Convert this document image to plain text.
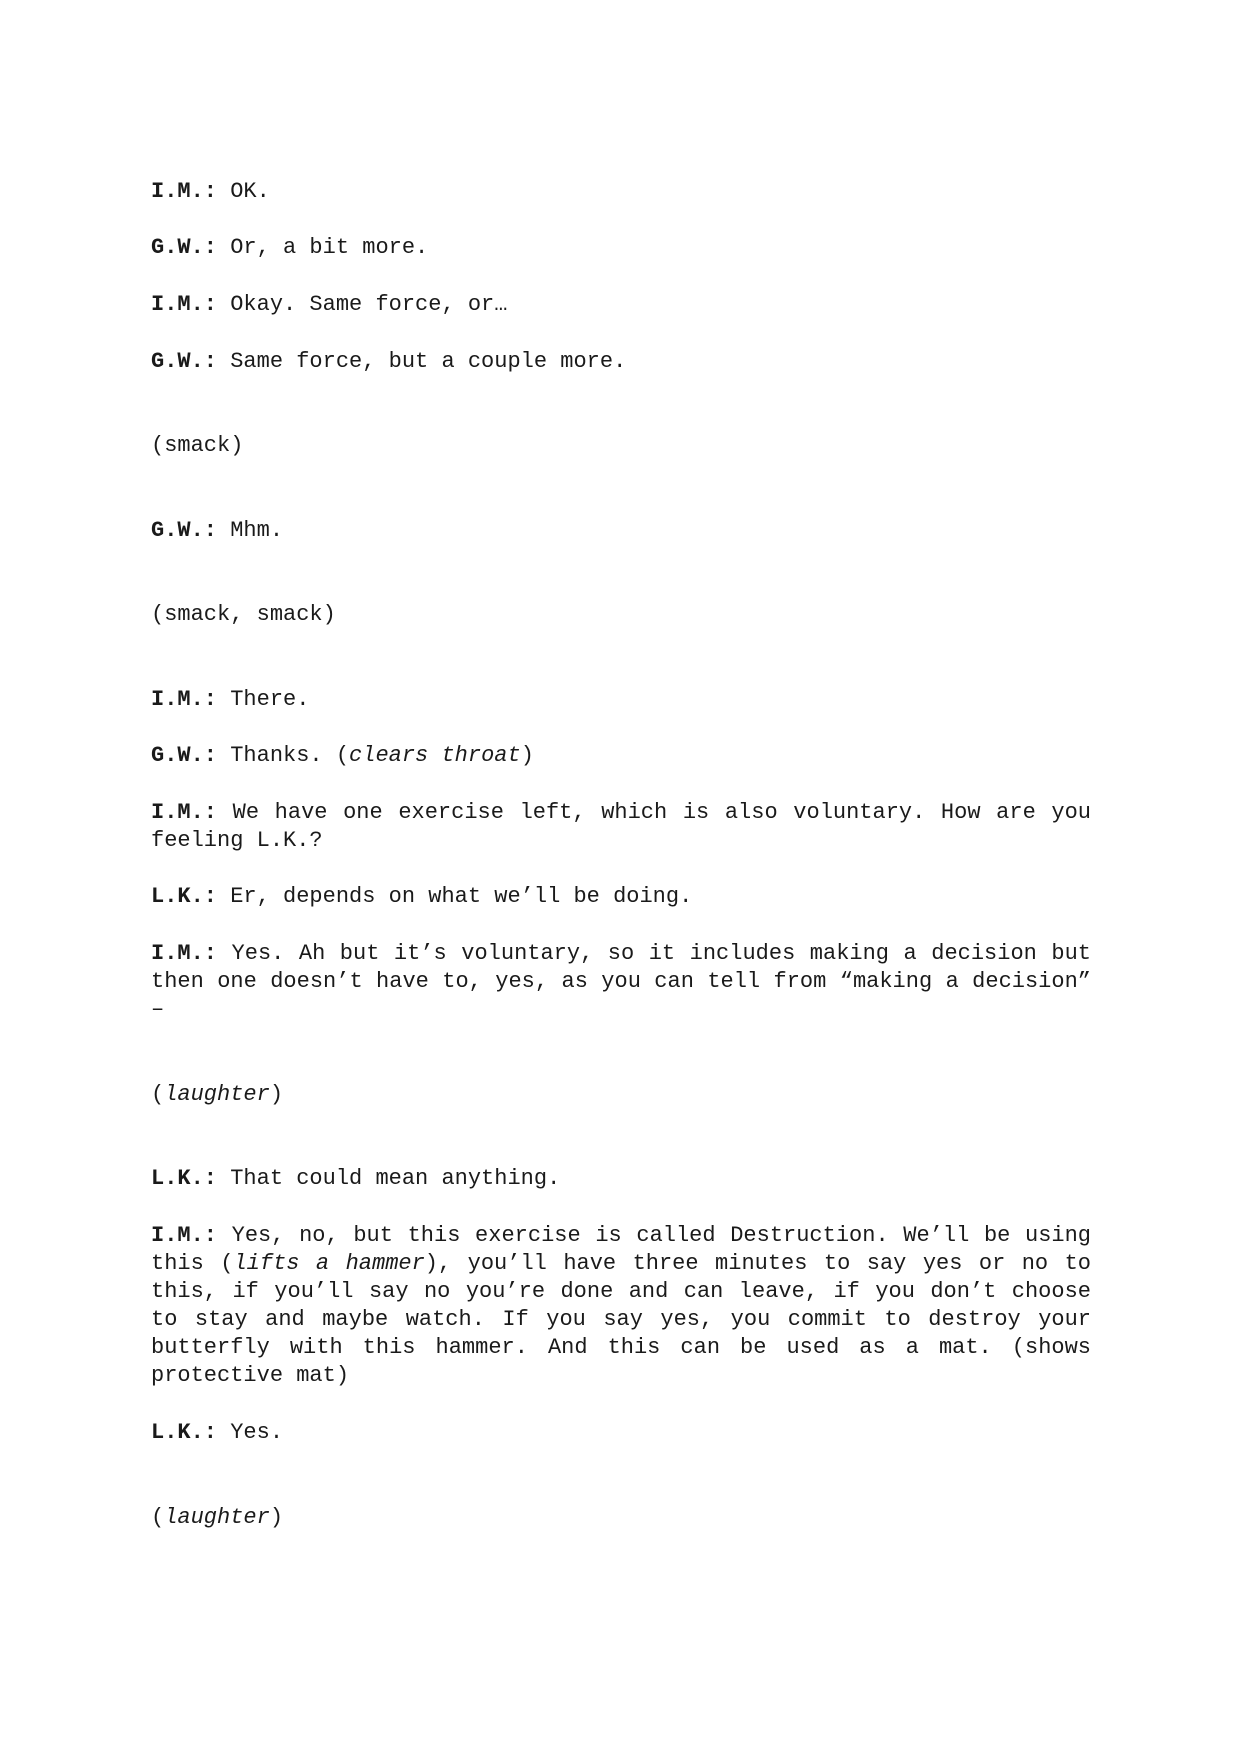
I.M.: OK.

G.W.: Or, a bit more.

I.M.: Okay. Same force, or…

G.W.: Same force, but a couple more.

(smack)

G.W.: Mhm.

(smack, smack)

I.M.: There.

G.W.: Thanks. (clears throat)

I.M.: We have one exercise left, which is also voluntary. How are you feeling L.K.?

L.K.: Er, depends on what we’ll be doing.

I.M.: Yes. Ah but it’s voluntary, so it includes making a decision but then one doesn’t have to, yes, as you can tell from “making a decision” –

(laughter)

L.K.: That could mean anything.

I.M.: Yes, no, but this exercise is called Destruction. We’ll be using this (lifts a hammer), you’ll have three minutes to say yes or no to this, if you’ll say no you’re done and can leave, if you don’t choose to stay and maybe watch. If you say yes, you commit to destroy your butterfly with this hammer. And this can be used as a mat. (shows protective mat)

L.K.: Yes.

(laughter)
